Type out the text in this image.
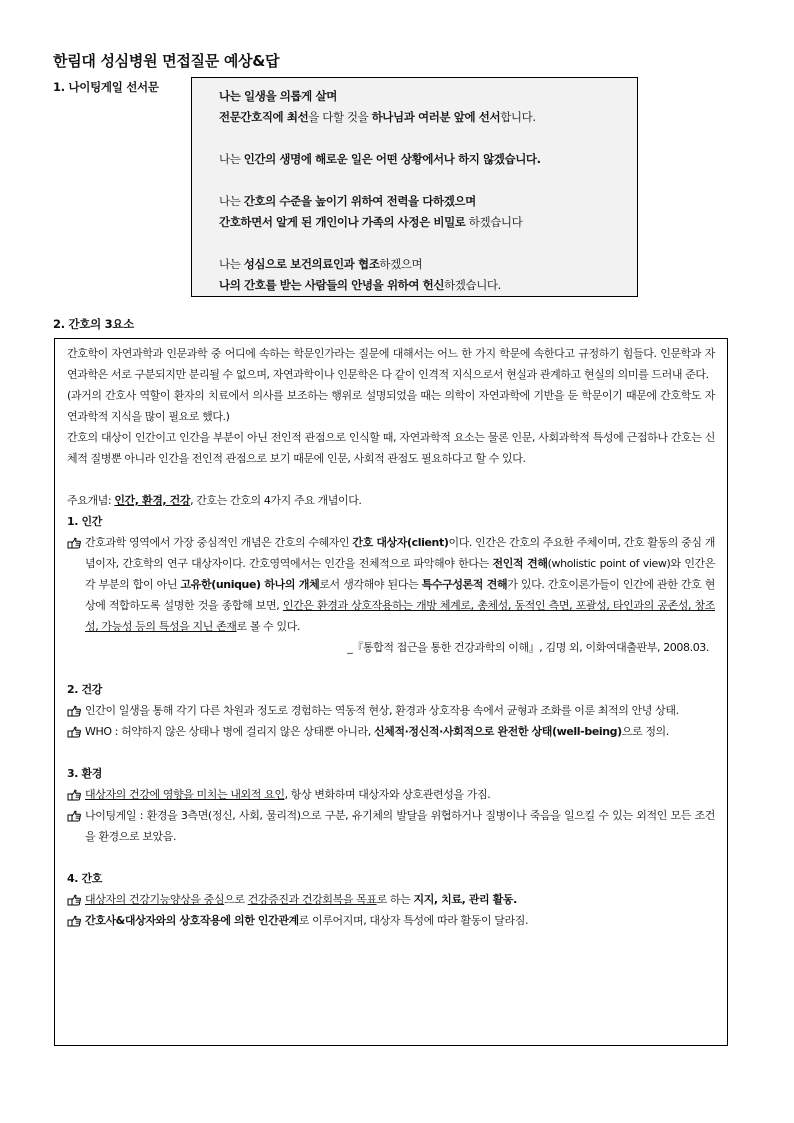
한림대 성심병원 면접질문 예상&답
1. 나이팅게일 선서문
나는 일생을 의롭게 살며
전문간호직에 최선을 다할 것을 하나님과 여러분 앞에 선서합니다.
나는 인간의 생명에 해로운 일은 어떤 상황에서나 하지 않겠습니다.
나는 간호의 수준을 높이기 위하여 전력을 다하겠으며
간호하면서 알게 된 개인이나 가족의 사정은 비밀로 하겠습니다
나는 성심으로 보건의료인과 협조하겠으며
나의 간호를 받는 사람들의 안녕을 위하여 헌신하겠습니다.
2. 간호의 3요소
간호학이 자연과학과 인문과학 중 어디에 속하는 학문인가라는 질문에 대해서는 어느 한 가지 학문에 속한다고 규정하기 힘들다. 인문학과 자연과학은 서로 구분되지만 분리될 수 없으며, 자연과학이나 인문학은 다 같이 인격적 지식으로서 현실과 관계하고 현실의 의미를 드러내 준다.
(과거의 간호사 역할이 환자의 치료에서 의사를 보조하는 행위로 설명되었을 때는 의학이 자연과학에 기반을 둔 학문이기 때문에 간호학도 자연과학적 지식을 많이 필요로 했다.)
간호의 대상이 인간이고 인간을 부분이 아닌 전인적 관점으로 인식할 때, 자연과학적 요소는 물론 인문, 사회과학적 특성에 근접하나 간호는 신체적 질병뿐 아니라 인간을 전인적 관점으로 보기 때문에 인문, 사회적 관점도 필요하다고 할 수 있다.
주요개념: 인간, 환경, 건강, 간호는 간호의 4가지 주요 개념이다.
1. 인간
간호과학 영역에서 가장 중심적인 개념은 간호의 수혜자인 간호 대상자(client)이다. 인간은 간호의 주요한 주체이며, 간호 활동의 중심 개념이자, 간호학의 연구 대상자이다. 간호영역에서는 인간을 전체적으로 파악해야 한다는 전인적 견해(wholistic point of view)와 인간은 각 부분의 합이 아닌 고유한(unique) 하나의 개체로서 생각해야 된다는 특수구성론적 견해가 있다. 간호이론가들이 인간에 관한 간호 현상에 적합하도록 설명한 것을 종합해 보면, 인간은 환경과 상호작용하는 개방 체계로, 총체성, 동적인 측면, 포괄성, 타인과의 공존성, 창조성, 가능성 등의 특성을 지닌 존재로 볼 수 있다.
_『통합적 접근을 통한 건강과학의 이해』, 김명 외, 이화여대출판부, 2008.03.
2. 건강
인간이 일생을 통해 각기 다른 차원과 정도로 경험하는 역동적 현상, 환경과 상호작용 속에서 균형과 조화를 이룬 최적의 안녕 상태.
WHO : 허약하지 않은 상태나 병에 걸리지 않은 상태뿐 아니라, 신체적·정신적·사회적으로 완전한 상태(well-being)으로 정의.
3. 환경
대상자의 건강에 영향을 미치는 내외적 요인, 항상 변화하며 대상자와 상호관련성을 가짐.
나이팅게일 : 환경을 3측면(정신, 사회, 물리적)으로 구분, 유기체의 발달을 위협하거나 질병이나 죽음을 일으킬 수 있는 외적인 모든 조건을 환경으로 보았음.
4. 간호
대상자의 건강기능양상을 중심으로 건강증진과 건강회복을 목표로 하는 지지, 치료, 관리 활동.
간호사&대상자와의 상호작용에 의한 인간관계로 이루어지며, 대상자 특성에 따라 활동이 달라짐.
